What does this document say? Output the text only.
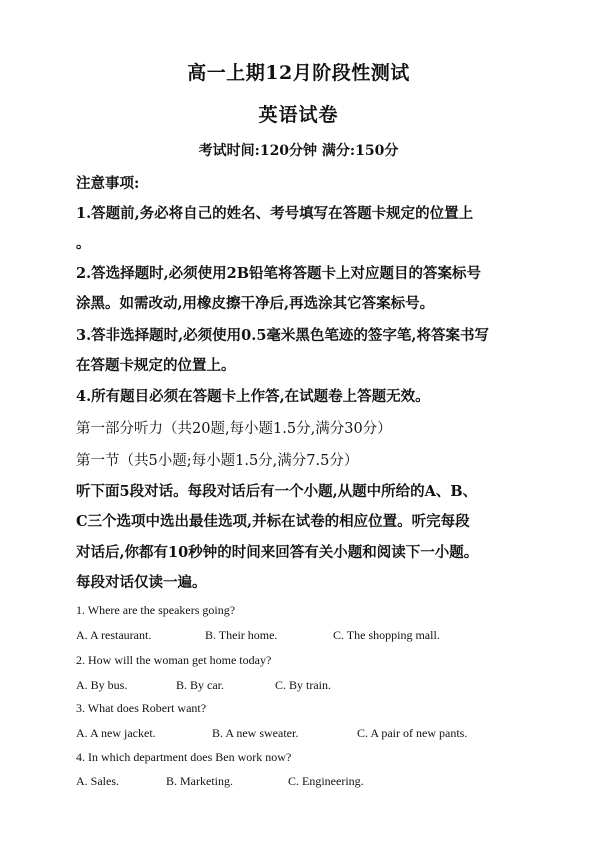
高一上期12月阶段性测试
英语试卷
考试时间:120分钟 满分:150分
注意事项:
1.答题前,务必将自己的姓名、考号填写在答题卡规定的位置上
。
2.答选择题时,必须使用2B铅笔将答题卡上对应题目的答案标号
涂黑。如需改动,用橡皮擦干净后,再选涂其它答案标号。
3.答非选择题时,必须使用0.5毫米黑色笔迹的签字笔,将答案书写
在答题卡规定的位置上。
4.所有题目必须在答题卡上作答,在试题卷上答题无效。
第一部分听力（共20题,每小题1.5分,满分30分）
第一节（共5小题;每小题1.5分,满分7.5分）
听下面5段对话。每段对话后有一个小题,从题中所给的A、B、
C三个选项中选出最佳选项,并标在试卷的相应位置。听完每段
对话后,你都有10秒钟的时间来回答有关小题和阅读下一小题。
每段对话仅读一遍。
1. Where are the speakers going?
A. A restaurant.	B. Their home.	C. The shopping mall.
2. How will the woman get home today?
A. By bus.	B. By car.	C. By train.
3. What does Robert want?
A. A new jacket.	B. A new sweater.	C. A pair of new pants.
4. In which department does Ben work now?
A. Sales.	B. Marketing.	C. Engineering.
